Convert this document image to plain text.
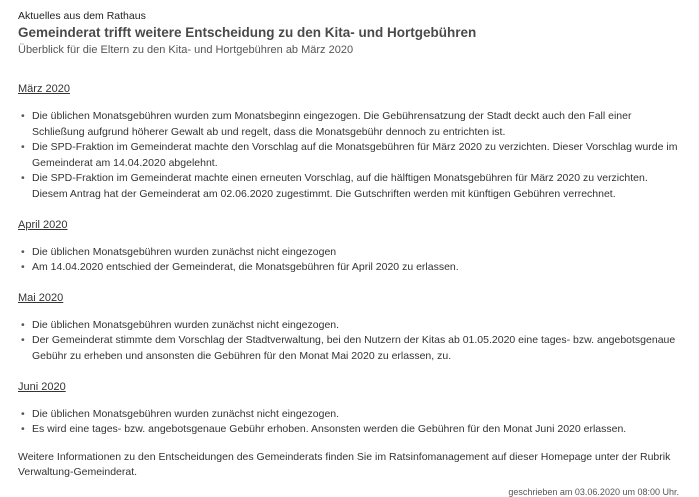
Aktuelles aus dem Rathaus
Gemeinderat trifft weitere Entscheidung zu den Kita- und Hortgebühren
Überblick für die Eltern zu den Kita- und Hortgebühren ab März 2020
März 2020
• Die üblichen Monatsgebühren wurden zum Monatsbeginn eingezogen. Die Gebührensatzung der Stadt deckt auch den Fall einer Schließung aufgrund höherer Gewalt ab und regelt, dass die Monatsgebühr dennoch zu entrichten ist.
• Die SPD-Fraktion im Gemeinderat machte den Vorschlag auf die Monatsgebühren für März 2020 zu verzichten. Dieser Vorschlag wurde im Gemeinderat am 14.04.2020 abgelehnt.
• Die SPD-Fraktion im Gemeinderat machte einen erneuten Vorschlag, auf die hälftigen Monatsgebühren für März 2020 zu verzichten. Diesem Antrag hat der Gemeinderat am 02.06.2020 zugestimmt. Die Gutschriften werden mit künftigen Gebühren verrechnet.
April 2020
• Die üblichen Monatsgebühren wurden zunächst nicht eingezogen
• Am 14.04.2020 entschied der Gemeinderat, die Monatsgebühren für April 2020 zu erlassen.
Mai 2020
• Die üblichen Monatsgebühren wurden zunächst nicht eingezogen.
• Der Gemeinderat stimmte dem Vorschlag der Stadtverwaltung, bei den Nutzern der Kitas ab 01.05.2020 eine tages- bzw. angebotsgenaue Gebühr zu erheben und ansonsten die Gebühren für den Monat Mai 2020 zu erlassen, zu.
Juni 2020
• Die üblichen Monatsgebühren wurden zunächst nicht eingezogen.
• Es wird eine tages- bzw. angebotsgenaue Gebühr erhoben. Ansonsten werden die Gebühren für den Monat Juni 2020 erlassen.
Weitere Informationen zu den Entscheidungen des Gemeinderats finden Sie im Ratsinfomanagement auf dieser Homepage unter der Rubrik Verwaltung-Gemeinderat.
geschrieben am 03.06.2020 um 08:00 Uhr.
